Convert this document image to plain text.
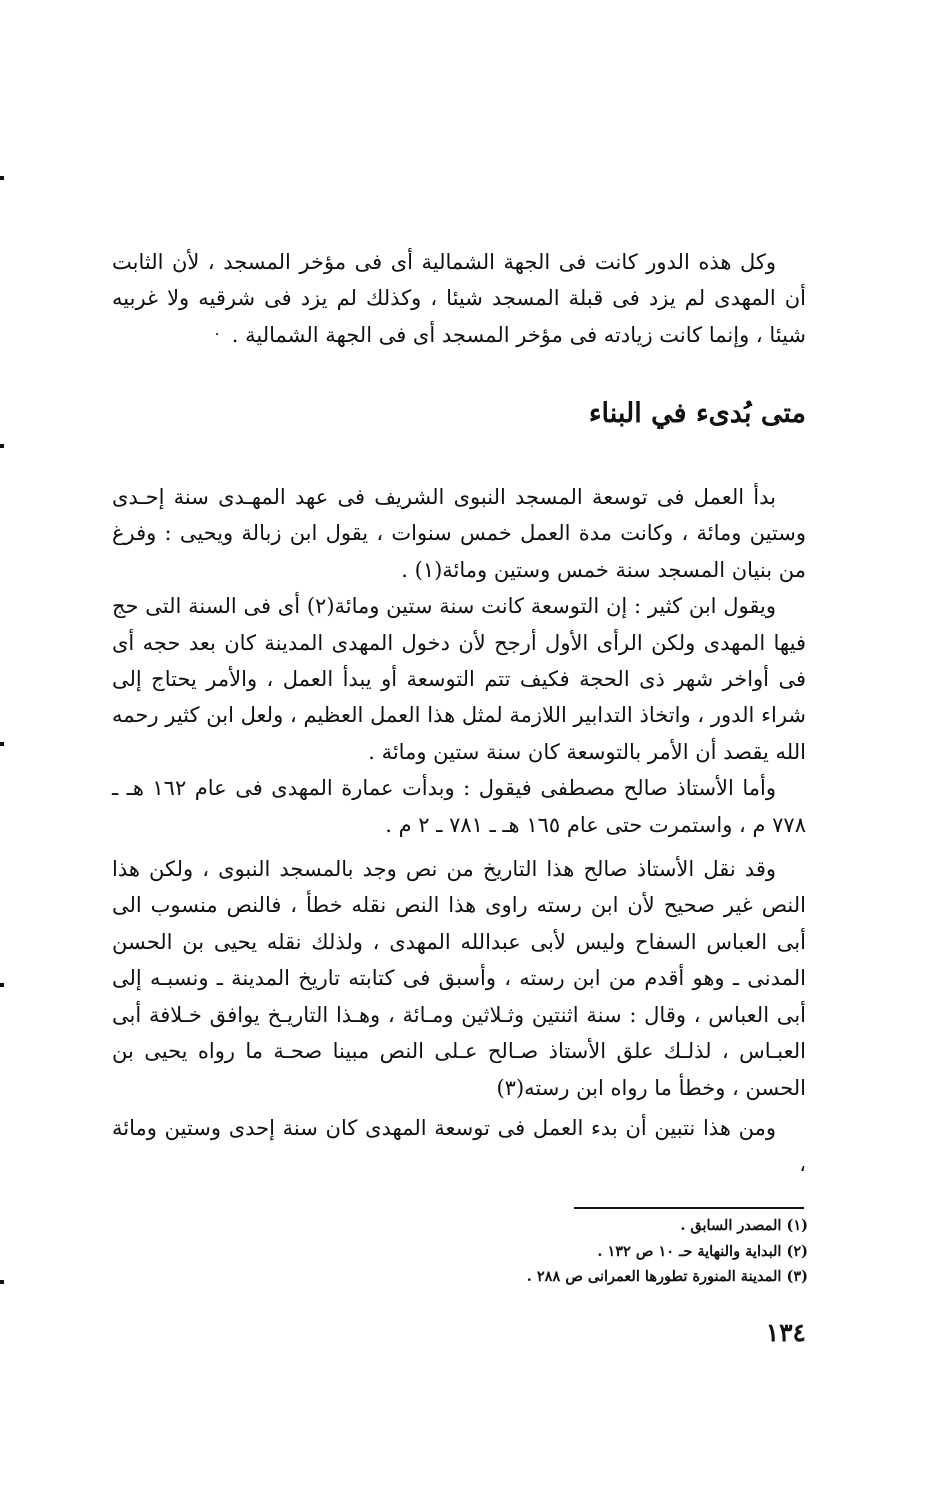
وكل هذه الدور كانت فى الجهة الشمالية أى فى مؤخر المسجد ، لأن الثابت أن المهدى لم يزد فى قبلة المسجد شيئا ، وكذلك لم يزد فى شرقيه ولا غربيه شيئا ، وإنما كانت زيادته فى مؤخر المسجد أى فى الجهة الشمالية .

متى بُدىء في البناء

بدأ العمل فى توسعة المسجد النبوى الشريف فى عهد المهـدى سنة إحـدى وستين ومائة ، وكانت مدة العمل خمس سنوات ، يقول ابن زبالة ويحيى : وفرغ من بنيان المسجد سنة خمس وستين ومائة(١) .

ويقول ابن كثير : إن التوسعة كانت سنة ستين ومائة(٢) أى فى السنة التى حج فيها المهدى ولكن الرأى الأول أرجح لأن دخول المهدى المدينة كان بعد حجه أى فى أواخر شهر ذى الحجة فكيف تتم التوسعة أو يبدأ العمل ، والأمر يحتاج إلى شراء الدور ، واتخاذ التدابير اللازمة لمثل هذا العمل العظيم ، ولعل ابن كثير رحمه الله يقصد أن الأمر بالتوسعة كان سنة ستين ومائة .

وأما الأستاذ صالح مصطفى فيقول : وبدأت عمارة المهدى فى عام ١٦٢ هـ ـ ٧٧٨ م ، واستمرت حتى عام ١٦٥ هـ ـ ٧٨١ ـ ٢ م .

وقد نقل الأستاذ صالح هذا التاريخ من نص وجد بالمسجد النبوى ، ولكن هذا النص غير صحيح لأن ابن رسته راوى هذا النص نقله خطأ ، فالنص منسوب الى أبى العباس السفاح وليس لأبى عبدالله المهدى ، ولذلك نقله يحيى بن الحسن المدنى ـ وهو أقدم من ابن رسته ، وأسبق فى كتابته تاريخ المدينة ـ ونسبـه إلى أبى العباس ، وقال : سنة اثنتين وثـلاثين ومـائة ، وهـذا التاريـخ يوافق خـلافة أبى العبـاس ، لذلـك علق الأستاذ صـالح عـلى النص مبينا صحـة ما رواه يحيى بن الحسن ، وخطأ ما رواه ابن رسته(٣)

ومن هذا نتبين أن بدء العمل فى توسعة المهدى كان سنة إحدى وستين ومائة ،

(١) المصدر السابق .

(٢) البداية والنهاية حـ ١٠ ص ١٣٢ .

(٣) المدينة المنورة تطورها العمرانى ص ٢٨٨ .

١٣٤
